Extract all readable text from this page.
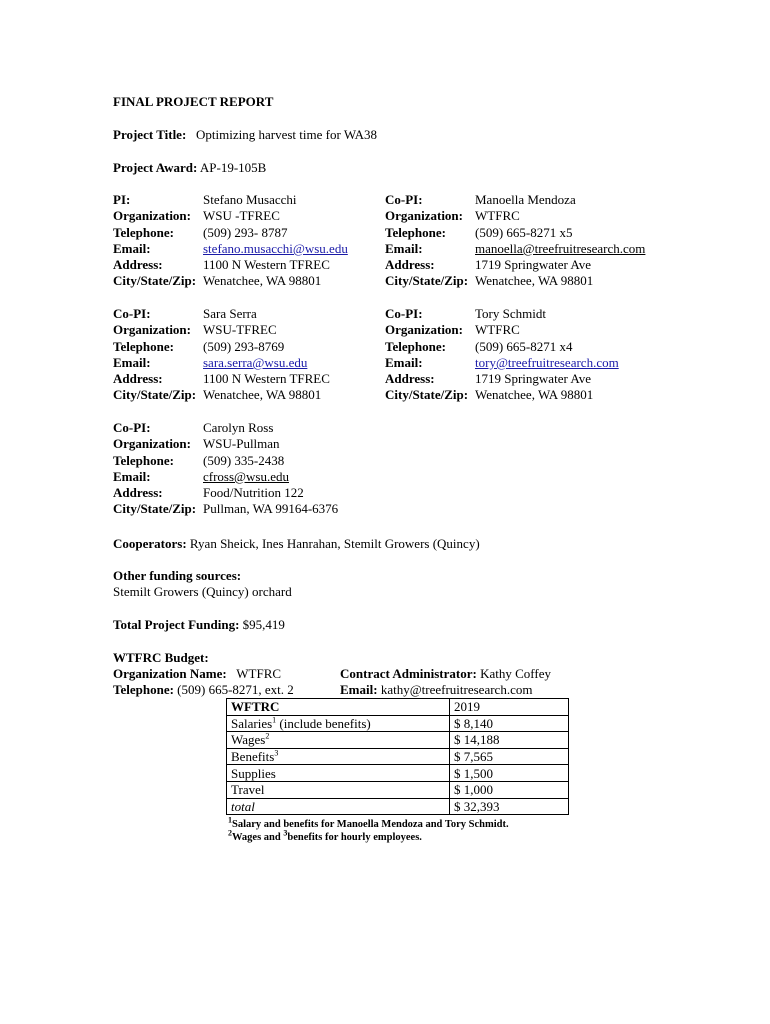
FINAL PROJECT REPORT
Project Title: Optimizing harvest time for WA38
Project Award: AP-19-105B
PI:	Stefano Musacchi
Organization: WSU -TFREC
Telephone:	(509) 293- 8787
Email:	stefano.musacchi@wsu.edu
Address:	1100 N Western TFREC
City/State/Zip: Wenatchee, WA 98801
Co-PI:	Manoella Mendoza
Organization: WTFRC
Telephone:	(509) 665-8271 x5
Email:	manoella@treefruitresearch.com
Address:	1719 Springwater Ave
City/State/Zip: Wenatchee, WA 98801
Co-PI:	Sara Serra
Organization: WSU-TFREC
Telephone:	(509) 293-8769
Email:	sara.serra@wsu.edu
Address:	1100 N Western TFREC
City/State/Zip: Wenatchee, WA 98801
Co-PI:	Tory Schmidt
Organization: WTFRC
Telephone:	(509) 665-8271 x4
Email:	tory@treefruitresearch.com
Address:	1719 Springwater Ave
City/State/Zip: Wenatchee, WA 98801
Co-PI:	Carolyn Ross
Organization: WSU-Pullman
Telephone:	(509) 335-2438
Email:	cfross@wsu.edu
Address:	Food/Nutrition 122
City/State/Zip: Pullman, WA 99164-6376
Cooperators: Ryan Sheick, Ines Hanrahan, Stemilt Growers (Quincy)
Other funding sources:
Stemilt Growers (Quincy) orchard
Total Project Funding: $95,419
WTFRC Budget:
Organization Name: WTFRC	Contract Administrator: Kathy Coffey
Telephone: (509) 665-8271, ext. 2	Email: kathy@treefruitresearch.com
WFTRC	2019
Salaries$^1$ (include benefits)	$ 8,140
Wages$^2$	$ 14,188
Benefits$^3$	$ 7,565
Supplies	$ 1,500
Travel	$ 1,000
total	$ 32,393
$^1$Salary and benefits for Manoella Mendoza and Tory Schmidt.
$^2$Wages and $^3$benefits for hourly employees.
